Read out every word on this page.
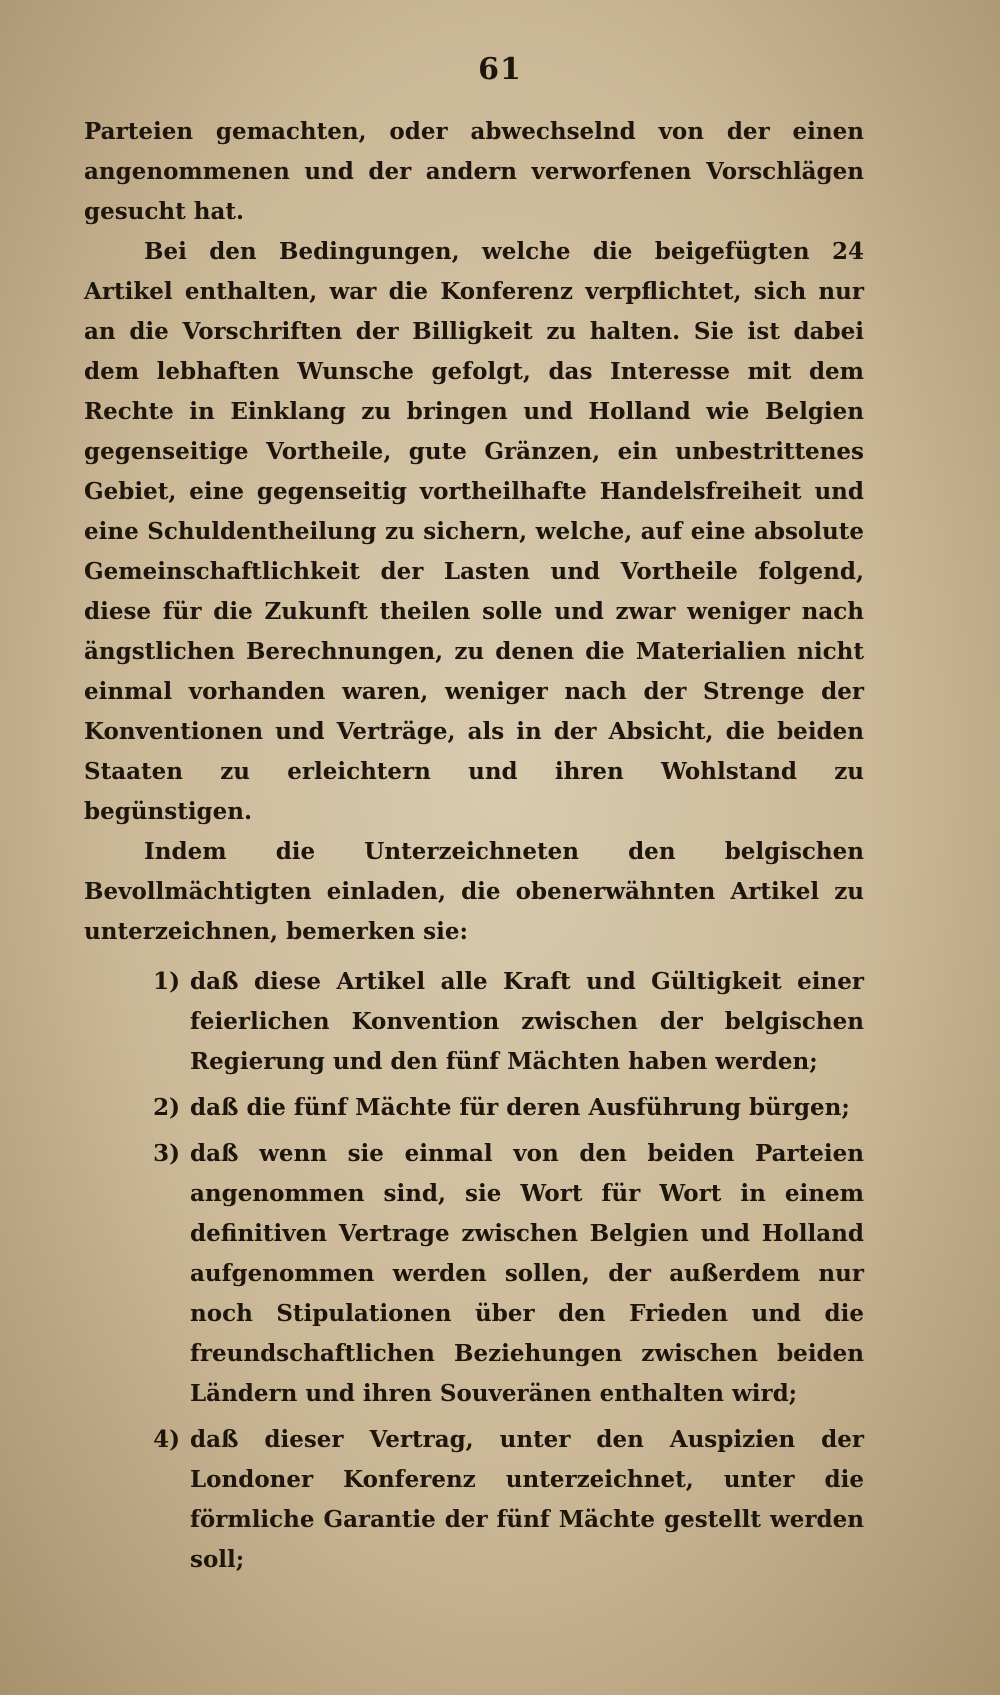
61

Parteien gemachten, oder abwechselnd von der einen angenommenen und der andern verworfenen Vorschlägen gesucht hat.

Bei den Bedingungen, welche die beigefügten 24 Artikel enthalten, war die Konferenz verpflichtet, sich nur an die Vorschriften der Billigkeit zu halten. Sie ist dabei dem lebhaften Wunsche gefolgt, das Interesse mit dem Rechte in Einklang zu bringen und Holland wie Belgien gegenseitige Vortheile, gute Gränzen, ein unbestrittenes Gebiet, eine gegenseitig vortheilhafte Handelsfreiheit und eine Schuldentheilung zu sichern, welche, auf eine absolute Gemeinschaftlichkeit der Lasten und Vortheile folgend, diese für die Zukunft theilen solle und zwar weniger nach ängstlichen Berechnungen, zu denen die Materialien nicht einmal vorhanden waren, weniger nach der Strenge der Konventionen und Verträge, als in der Absicht, die beiden Staaten zu erleichtern und ihren Wohlstand zu begünstigen.

Indem die Unterzeichneten den belgischen Bevollmächtigten einladen, die obenerwähnten Artikel zu unterzeichnen, bemerken sie:

1) daß diese Artikel alle Kraft und Gültigkeit einer feierlichen Konvention zwischen der belgischen Regierung und den fünf Mächten haben werden;
2) daß die fünf Mächte für deren Ausführung bürgen;
3) daß wenn sie einmal von den beiden Parteien angenommen sind, sie Wort für Wort in einem definitiven Vertrage zwischen Belgien und Holland aufgenommen werden sollen, der außerdem nur noch Stipulationen über den Frieden und die freundschaftlichen Beziehungen zwischen beiden Ländern und ihren Souveränen enthalten wird;
4) daß dieser Vertrag, unter den Auspizien der Londoner Konferenz unterzeichnet, unter die förmliche Garantie der fünf Mächte gestellt werden soll;
